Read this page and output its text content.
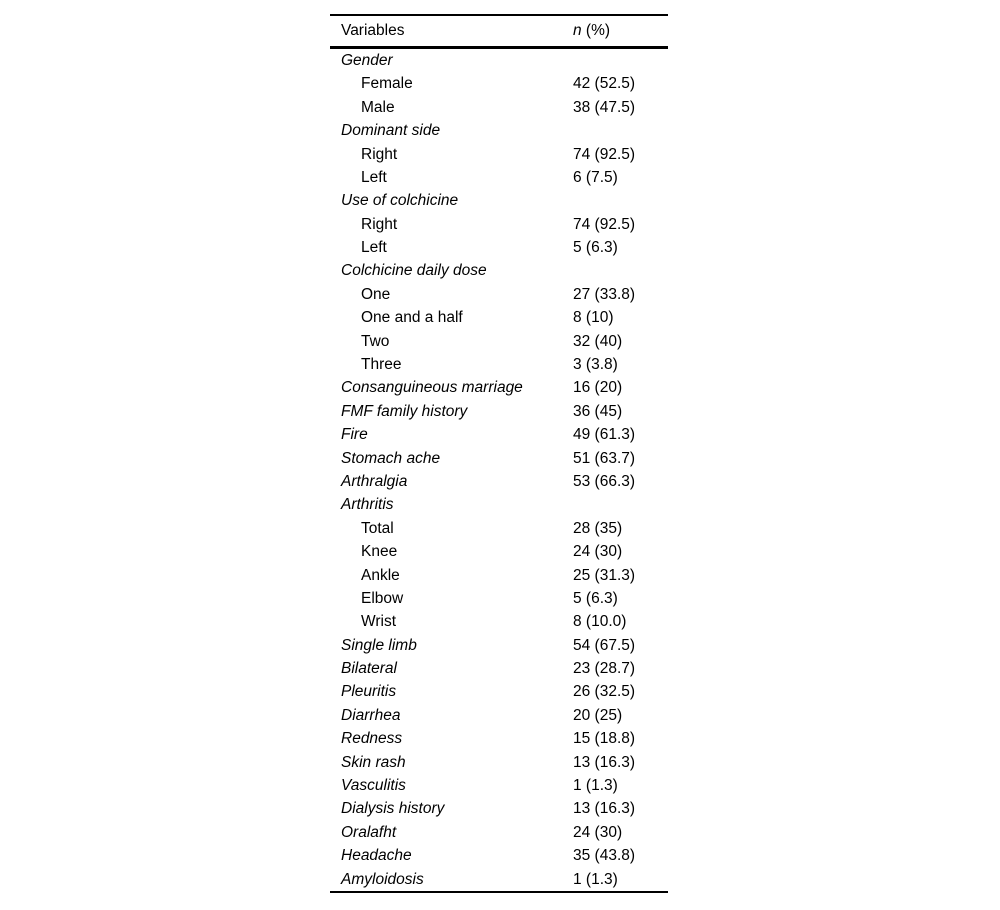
Variables	n (%)
Gender
Female	42 (52.5)
Male	38 (47.5)
Dominant side
Right	74 (92.5)
Left	6 (7.5)
Use of colchicine
Right	74 (92.5)
Left	5 (6.3)
Colchicine daily dose
One	27 (33.8)
One and a half	8 (10)
Two	32 (40)
Three	3 (3.8)
Consanguineous marriage	16 (20)
FMF family history	36 (45)
Fire	49 (61.3)
Stomach ache	51 (63.7)
Arthralgia	53 (66.3)
Arthritis
Total	28 (35)
Knee	24 (30)
Ankle	25 (31.3)
Elbow	5 (6.3)
Wrist	8 (10.0)
Single limb	54 (67.5)
Bilateral	23 (28.7)
Pleuritis	26 (32.5)
Diarrhea	20 (25)
Redness	15 (18.8)
Skin rash	13 (16.3)
Vasculitis	1 (1.3)
Dialysis history	13 (16.3)
Oralafht	24 (30)
Headache	35 (43.8)
Amyloidosis	1 (1.3)
